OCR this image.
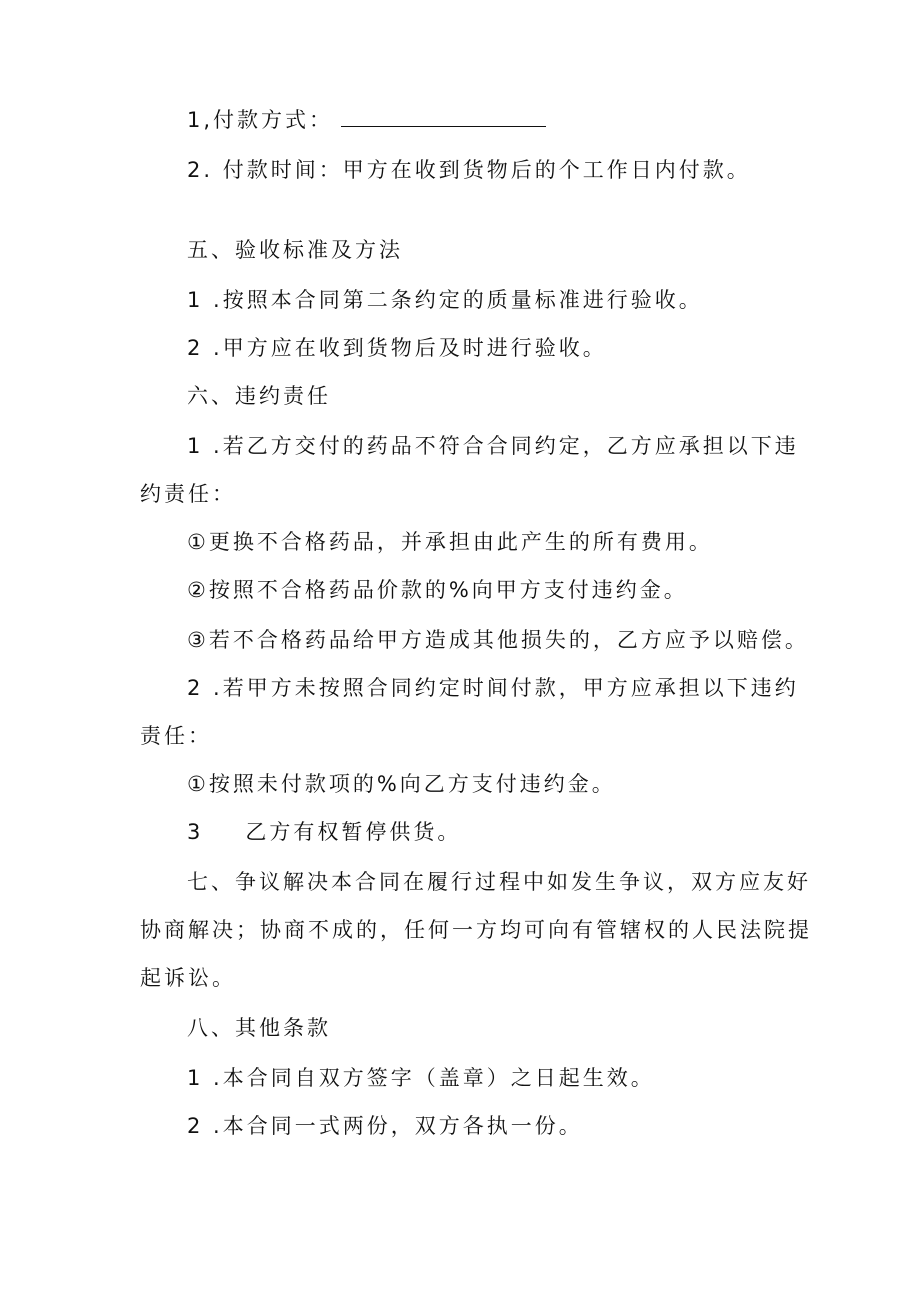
1,付款方式：
2. 付款时间：甲方在收到货物后的个工作日内付款。
五、验收标准及方法
1 .按照本合同第二条约定的质量标准进行验收。
2 .甲方应在收到货物后及时进行验收。
六、违约责任
1 .若乙方交付的药品不符合合同约定，乙方应承担以下违
约责任：
①更换不合格药品，并承担由此产生的所有费用。
②按照不合格药品价款的%向甲方支付违约金。
③若不合格药品给甲方造成其他损失的，乙方应予以赔偿。
2 .若甲方未按照合同约定时间付款，甲方应承担以下违约
责任：
①按照未付款项的%向乙方支付违约金。
3 乙方有权暂停供货。
七、争议解决本合同在履行过程中如发生争议，双方应友好
协商解决；协商不成的，任何一方均可向有管辖权的人民法院提
起诉讼。
八、其他条款
1 .本合同自双方签字（盖章）之日起生效。
2 .本合同一式两份，双方各执一份。
